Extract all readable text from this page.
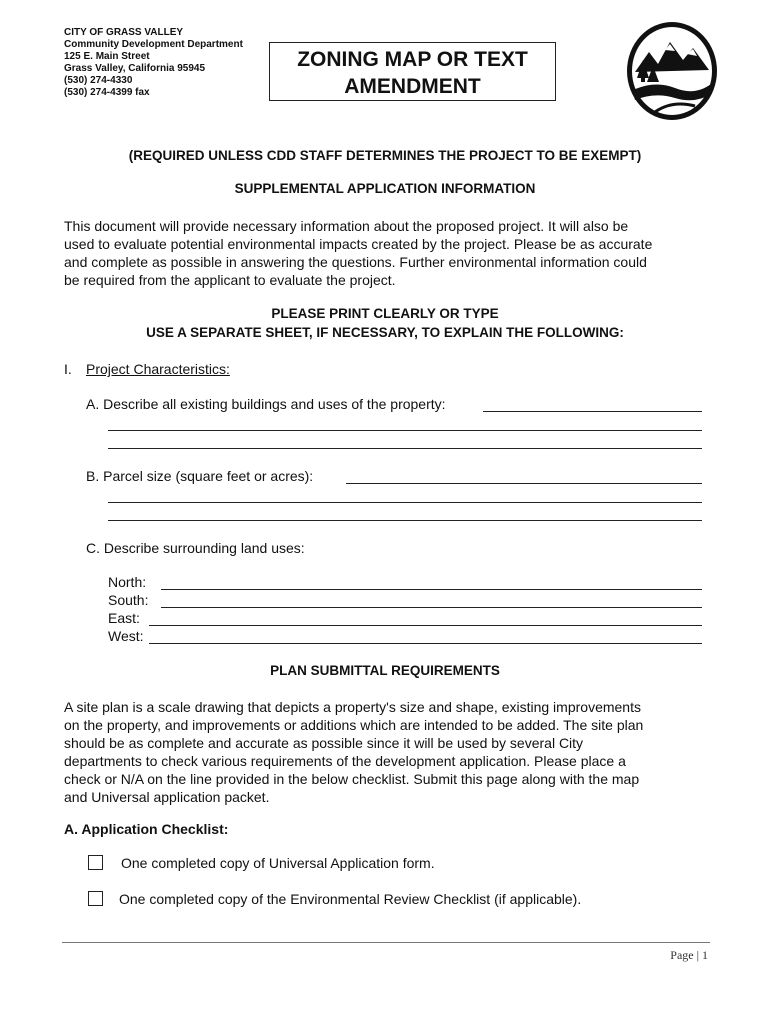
CITY OF GRASS VALLEY
Community Development Department
125 E. Main Street
Grass Valley, California 95945
(530) 274-4330
(530) 274-4399 fax
ZONING MAP OR TEXT
AMENDMENT
(REQUIRED UNLESS CDD STAFF DETERMINES THE PROJECT TO BE EXEMPT)
SUPPLEMENTAL APPLICATION INFORMATION
This document will provide necessary information about the proposed project. It will also be
used to evaluate potential environmental impacts created by the project. Please be as accurate
and complete as possible in answering the questions. Further environmental information could
be required from the applicant to evaluate the project.
PLEASE PRINT CLEARLY OR TYPE
USE A SEPARATE SHEET, IF NECESSARY, TO EXPLAIN THE FOLLOWING:
I. Project Characteristics:
A. Describe all existing buildings and uses of the property:
B. Parcel size (square feet or acres):
C. Describe surrounding land uses:
North:
South:
East:
West:
PLAN SUBMITTAL REQUIREMENTS
A site plan is a scale drawing that depicts a property's size and shape, existing improvements
on the property, and improvements or additions which are intended to be added. The site plan
should be as complete and accurate as possible since it will be used by several City
departments to check various requirements of the development application. Please place a
check or N/A on the line provided in the below checklist. Submit this page along with the map
and Universal application packet.
A. Application Checklist:
One completed copy of Universal Application form.
One completed copy of the Environmental Review Checklist (if applicable).
Page | 1
